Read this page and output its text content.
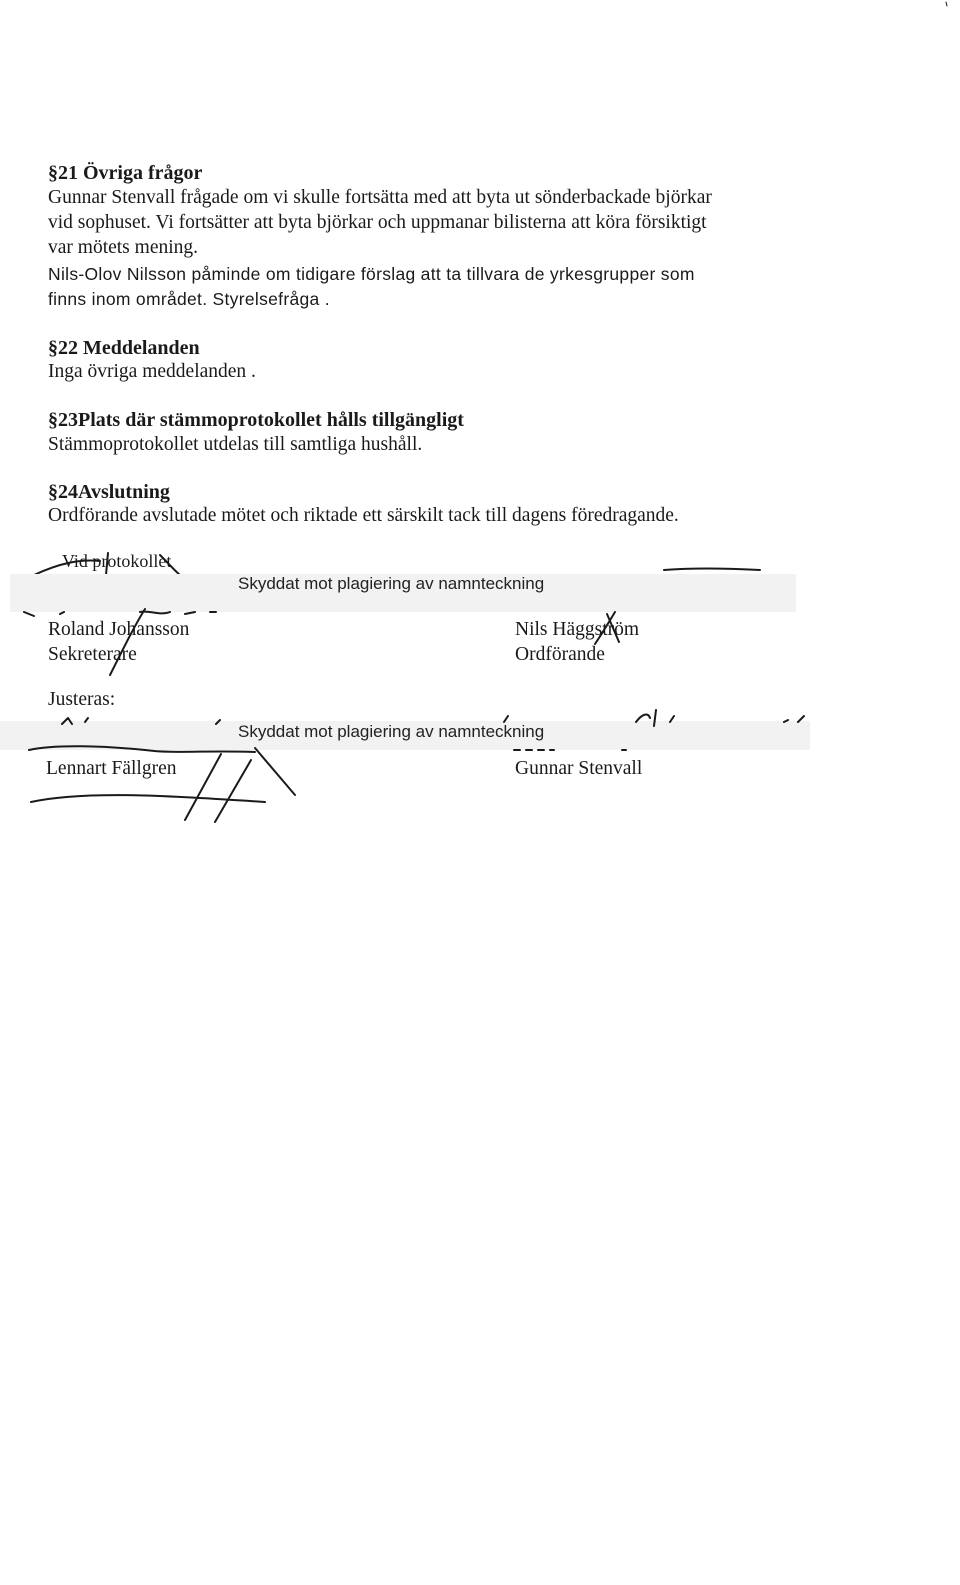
§21 Övriga frågor
Gunnar Stenvall frågade om vi skulle fortsätta med att byta ut sönderbackade björkar
vid sophuset. Vi fortsätter att byta björkar och uppmanar bilisterna att köra försiktigt
var mötets mening.
Nils-Olov Nilsson påminde om tidigare förslag att ta tillvara de yrkesgrupper som
finns inom området. Styrelsefråga .
§22 Meddelanden
Inga övriga meddelanden .
§23Plats där stämmoprotokollet hålls tillgängligt
Stämmoprotokollet utdelas till samtliga hushåll.
§24Avslutning
Ordförande avslutade mötet och riktade ett särskilt tack till dagens föredragande.
Vid protokollet
Skyddat mot plagiering av namnteckning
Roland Johansson
Sekreterare
Nils Häggström
Ordförande
Justeras:
Skyddat mot plagiering av namnteckning
Lennart Fällgren	Gunnar Stenvall
